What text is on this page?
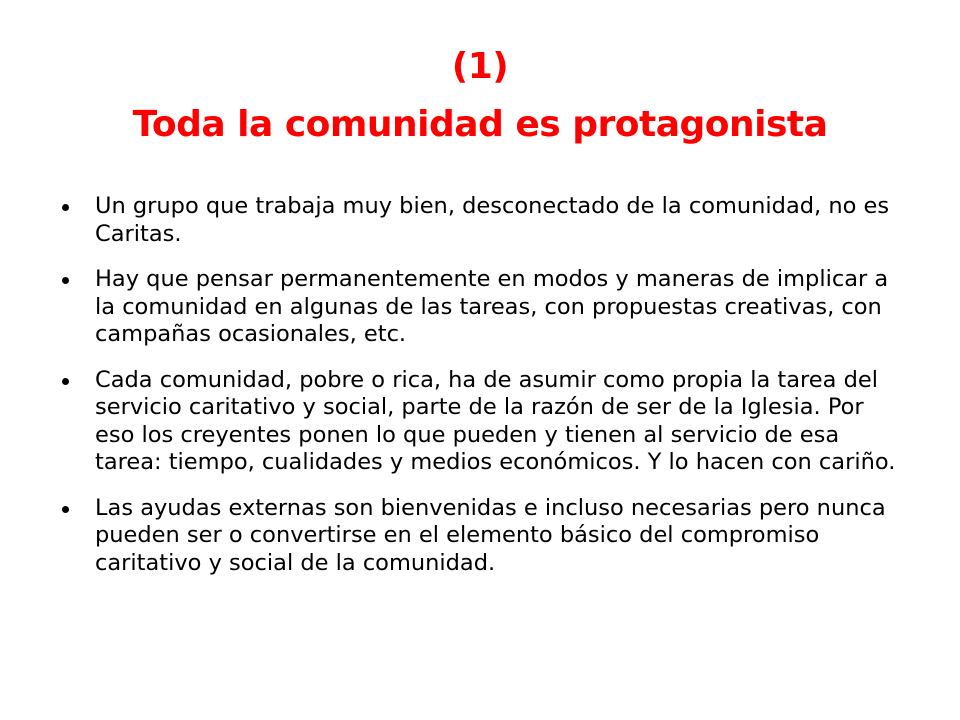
(1)
Toda la comunidad es protagonista
Un grupo que trabaja muy bien, desconectado de la comunidad, no es Caritas.
Hay que pensar permanentemente en modos y maneras de implicar a la comunidad en algunas de las tareas, con propuestas creativas, con campañas ocasionales, etc.
Cada comunidad, pobre o rica, ha de asumir como propia la tarea del servicio caritativo y social, parte de la razón de ser de la Iglesia. Por eso los creyentes ponen lo que pueden y tienen al servicio de esa tarea: tiempo, cualidades y medios económicos. Y lo hacen con cariño.
Las ayudas externas son bienvenidas e incluso necesarias pero nunca pueden ser o convertirse en el elemento básico del compromiso caritativo y social de la comunidad.
